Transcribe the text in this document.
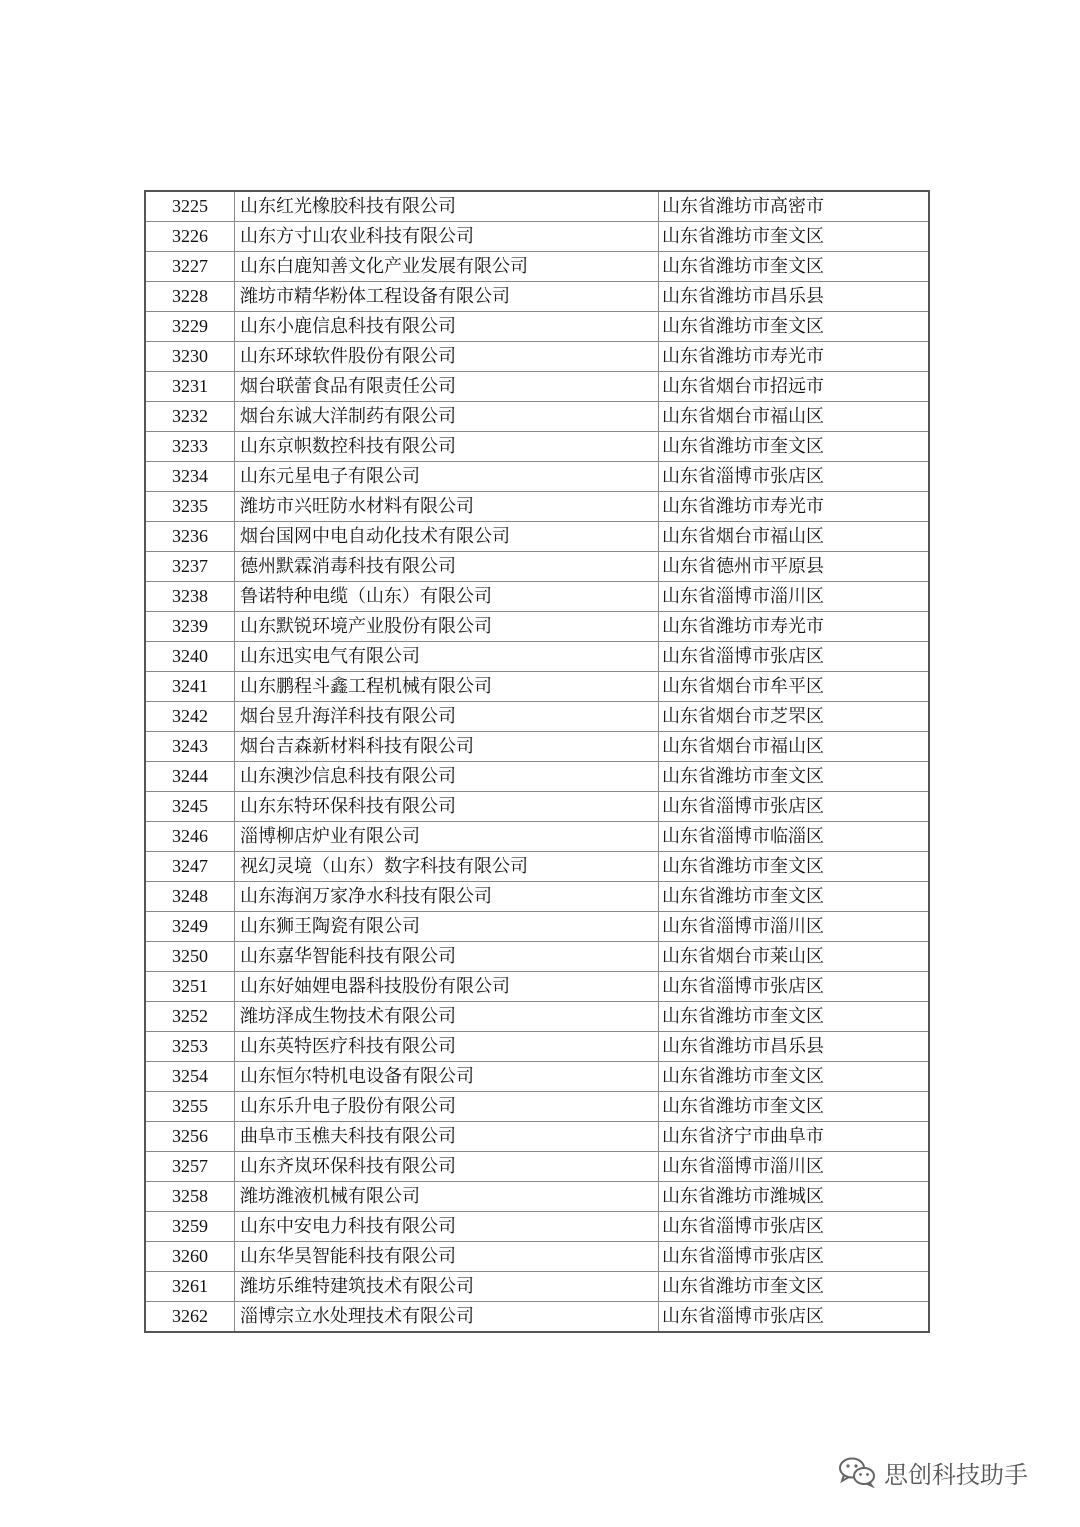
3225	山东红光橡胶科技有限公司	山东省潍坊市高密市
3226	山东方寸山农业科技有限公司	山东省潍坊市奎文区
3227	山东白鹿知善文化产业发展有限公司	山东省潍坊市奎文区
3228	潍坊市精华粉体工程设备有限公司	山东省潍坊市昌乐县
3229	山东小鹿信息科技有限公司	山东省潍坊市奎文区
3230	山东环球软件股份有限公司	山东省潍坊市寿光市
3231	烟台联蕾食品有限责任公司	山东省烟台市招远市
3232	烟台东诚大洋制药有限公司	山东省烟台市福山区
3233	山东京帜数控科技有限公司	山东省潍坊市奎文区
3234	山东元星电子有限公司	山东省淄博市张店区
3235	潍坊市兴旺防水材料有限公司	山东省潍坊市寿光市
3236	烟台国网中电自动化技术有限公司	山东省烟台市福山区
3237	德州默霖消毒科技有限公司	山东省德州市平原县
3238	鲁诺特种电缆（山东）有限公司	山东省淄博市淄川区
3239	山东默锐环境产业股份有限公司	山东省潍坊市寿光市
3240	山东迅实电气有限公司	山东省淄博市张店区
3241	山东鹏程斗鑫工程机械有限公司	山东省烟台市牟平区
3242	烟台昱升海洋科技有限公司	山东省烟台市芝罘区
3243	烟台吉森新材料科技有限公司	山东省烟台市福山区
3244	山东澳沙信息科技有限公司	山东省潍坊市奎文区
3245	山东东特环保科技有限公司	山东省淄博市张店区
3246	淄博柳店炉业有限公司	山东省淄博市临淄区
3247	视幻灵境（山东）数字科技有限公司	山东省潍坊市奎文区
3248	山东海润万家净水科技有限公司	山东省潍坊市奎文区
3249	山东狮王陶瓷有限公司	山东省淄博市淄川区
3250	山东嘉华智能科技有限公司	山东省烟台市莱山区
3251	山东好妯娌电器科技股份有限公司	山东省淄博市张店区
3252	潍坊泽成生物技术有限公司	山东省潍坊市奎文区
3253	山东英特医疗科技有限公司	山东省潍坊市昌乐县
3254	山东恒尔特机电设备有限公司	山东省潍坊市奎文区
3255	山东乐升电子股份有限公司	山东省潍坊市奎文区
3256	曲阜市玉樵夫科技有限公司	山东省济宁市曲阜市
3257	山东齐岚环保科技有限公司	山东省淄博市淄川区
3258	潍坊潍液机械有限公司	山东省潍坊市潍城区
3259	山东中安电力科技有限公司	山东省淄博市张店区
3260	山东华昊智能科技有限公司	山东省淄博市张店区
3261	潍坊乐维特建筑技术有限公司	山东省潍坊市奎文区
3262	淄博宗立水处理技术有限公司	山东省淄博市张店区
思创科技助手
